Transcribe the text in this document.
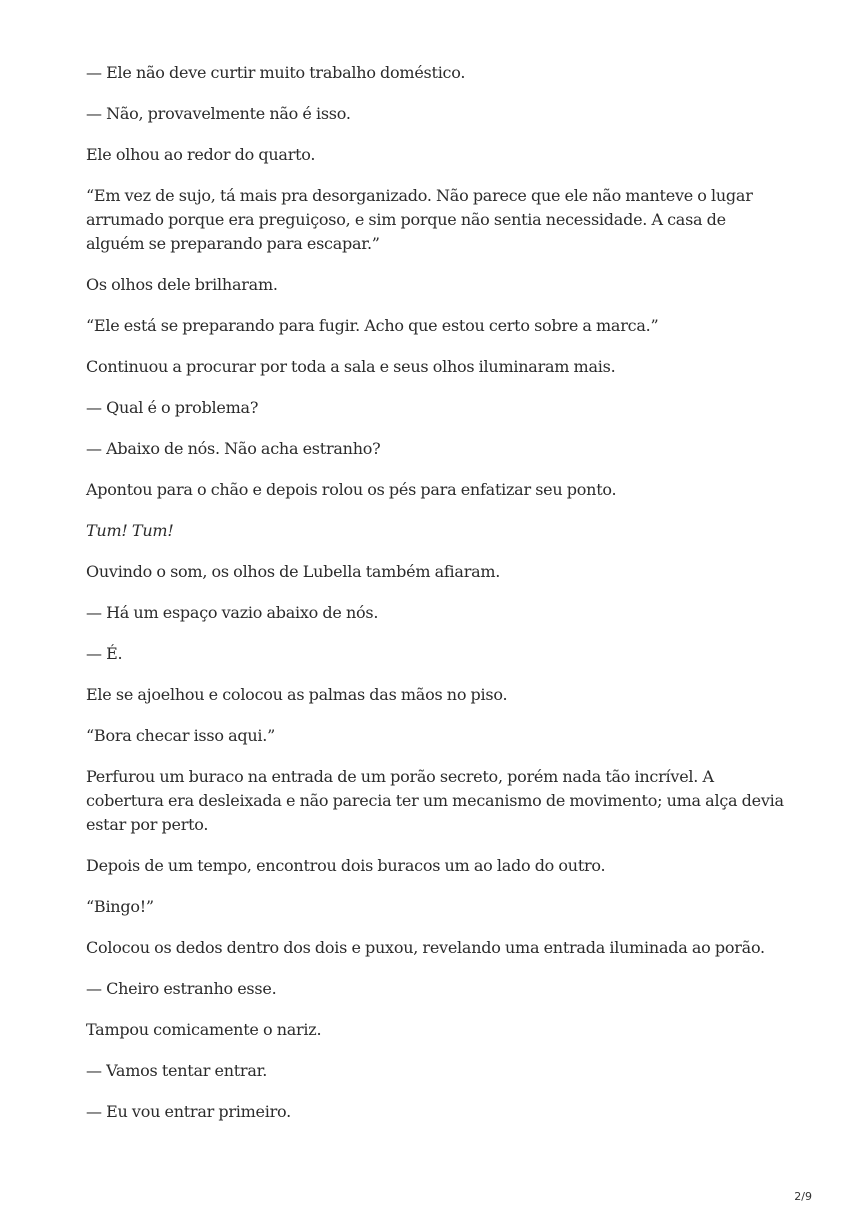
— Ele não deve curtir muito trabalho doméstico.

— Não, provavelmente não é isso.

Ele olhou ao redor do quarto.

“Em vez de sujo, tá mais pra desorganizado. Não parece que ele não manteve o lugar arrumado porque era preguiçoso, e sim porque não sentia necessidade. A casa de alguém se preparando para escapar.”

Os olhos dele brilharam.

“Ele está se preparando para fugir. Acho que estou certo sobre a marca.”

Continuou a procurar por toda a sala e seus olhos iluminaram mais.

— Qual é o problema?

— Abaixo de nós. Não acha estranho?

Apontou para o chão e depois rolou os pés para enfatizar seu ponto.

Tum! Tum!

Ouvindo o som, os olhos de Lubella também afiaram.

— Há um espaço vazio abaixo de nós.

— É.

Ele se ajoelhou e colocou as palmas das mãos no piso.

“Bora checar isso aqui.”

Perfurou um buraco na entrada de um porão secreto, porém nada tão incrível. A cobertura era desleixada e não parecia ter um mecanismo de movimento; uma alça devia estar por perto.

Depois de um tempo, encontrou dois buracos um ao lado do outro.

“Bingo!”

Colocou os dedos dentro dos dois e puxou, revelando uma entrada iluminada ao porão.

— Cheiro estranho esse.

Tampou comicamente o nariz.

— Vamos tentar entrar.

— Eu vou entrar primeiro.

2/9
